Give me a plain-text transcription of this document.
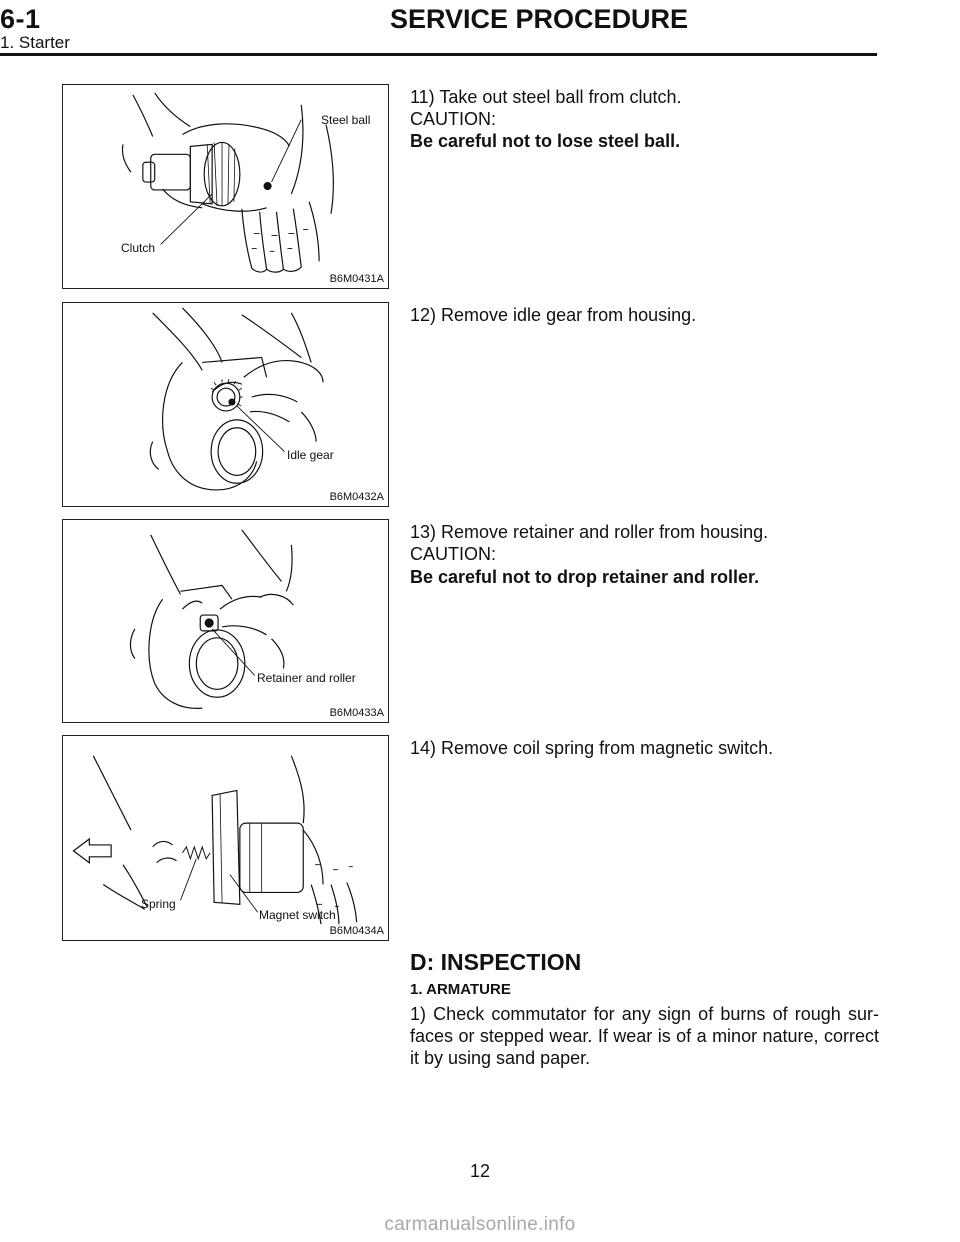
6-1	SERVICE PROCEDURE
1. Starter
Steel ball
Clutch
B6M0431A
Idle gear
B6M0432A
Retainer and roller
B6M0433A
Spring
Magnet switch
B6M0434A
11) Take out steel ball from clutch.
CAUTION:
Be careful not to lose steel ball.
12) Remove idle gear from housing.
13) Remove retainer and roller from housing.
CAUTION:
Be careful not to drop retainer and roller.
14) Remove coil spring from magnetic switch.
D: INSPECTION
1. ARMATURE
1) Check commutator for any sign of burns of rough sur- faces or stepped wear. If wear is of a minor nature, correct it by using sand paper.
12
carmanualsonline.info
